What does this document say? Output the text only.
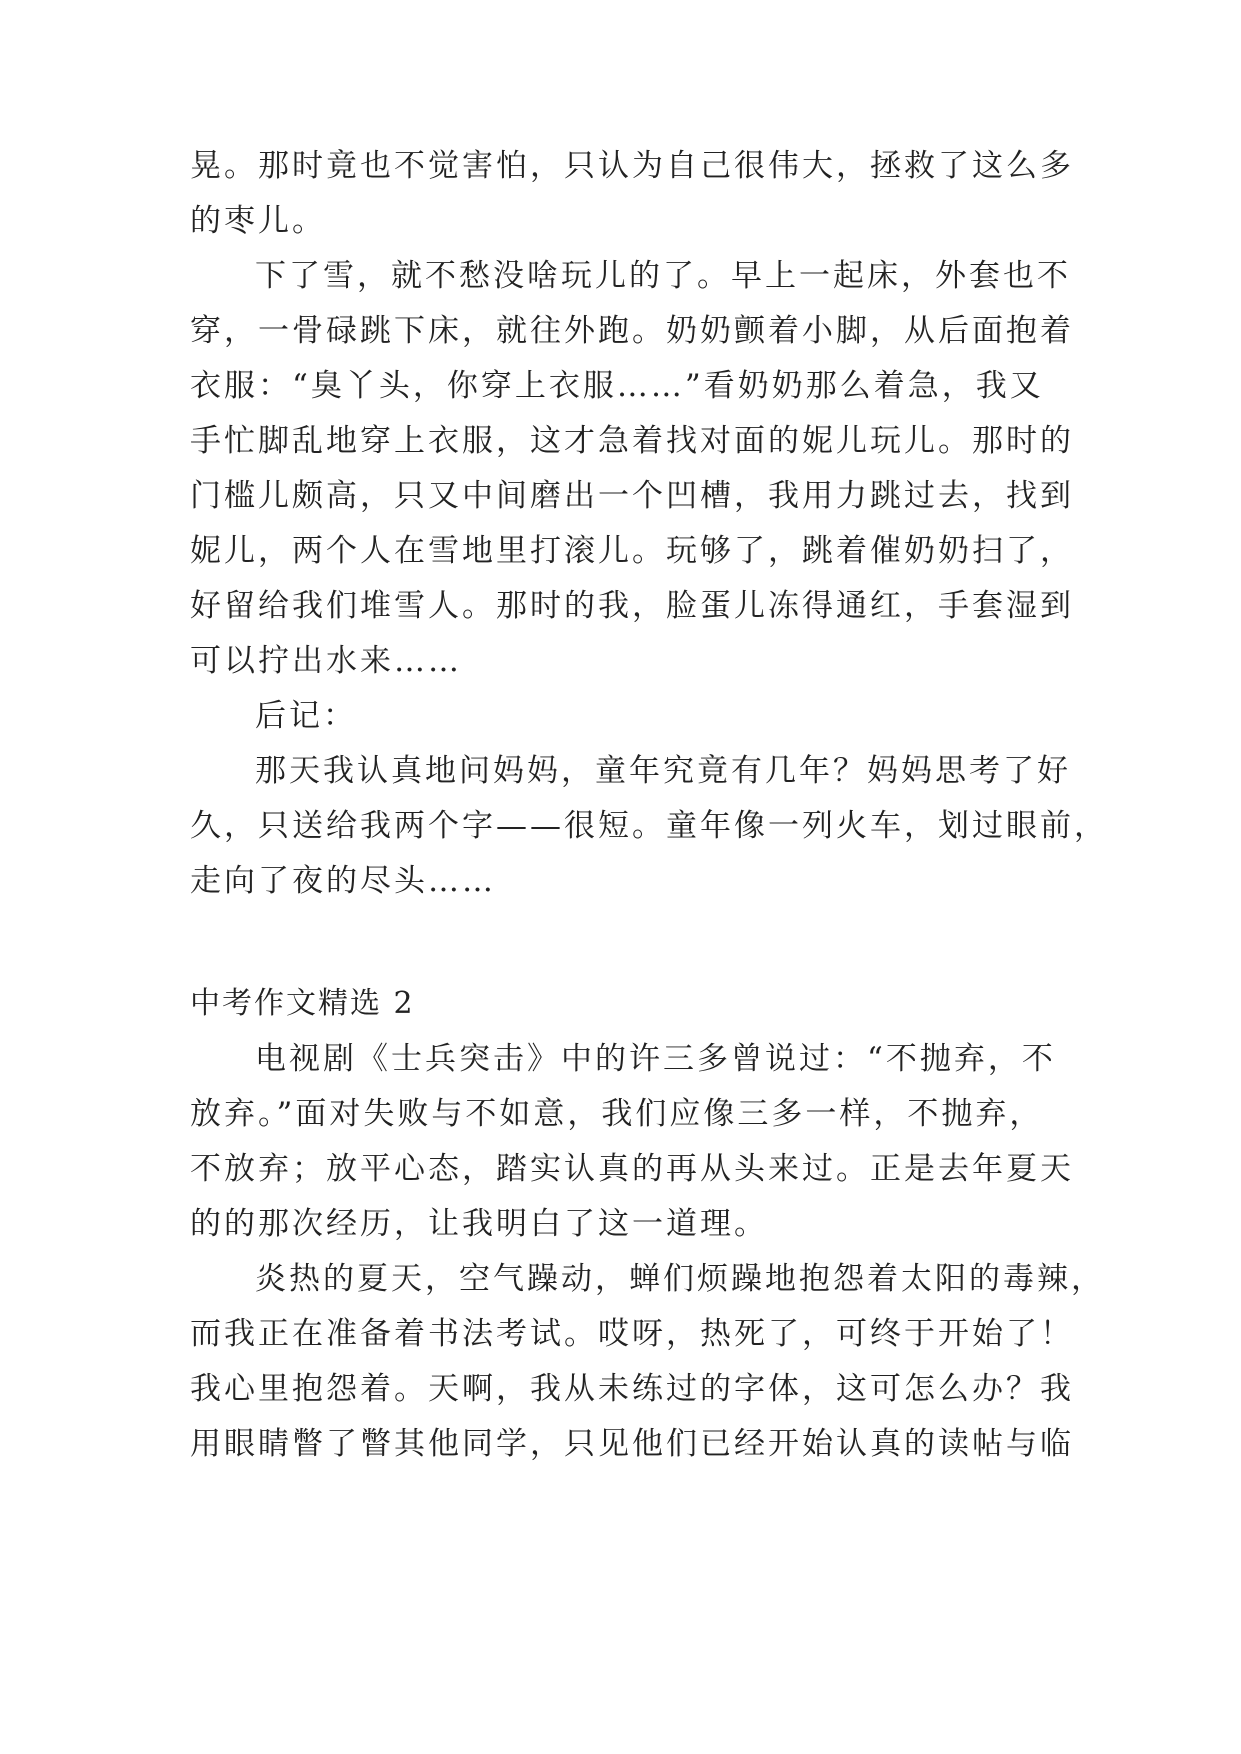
晃。那时竟也不觉害怕，只认为自己很伟大，拯救了这么多
的枣儿。
下了雪，就不愁没啥玩儿的了。早上一起床，外套也不
穿，一骨碌跳下床，就往外跑。奶奶颤着小脚，从后面抱着
衣服：“臭丫头，你穿上衣服……”看奶奶那么着急，我又
手忙脚乱地穿上衣服，这才急着找对面的妮儿玩儿。那时的
门槛儿颇高，只又中间磨出一个凹槽，我用力跳过去，找到
妮儿，两个人在雪地里打滚儿。玩够了，跳着催奶奶扫了，
好留给我们堆雪人。那时的我，脸蛋儿冻得通红，手套湿到
可以拧出水来……
后记：
那天我认真地问妈妈，童年究竟有几年？妈妈思考了好
久，只送给我两个字——很短。童年像一列火车，划过眼前，
走向了夜的尽头……
中考作文精选 2
电视剧《士兵突击》中的许三多曾说过：“不抛弃，不
放弃。”面对失败与不如意，我们应像三多一样，不抛弃，
不放弃；放平心态，踏实认真的再从头来过。正是去年夏天
的的那次经历，让我明白了这一道理。
炎热的夏天，空气躁动，蝉们烦躁地抱怨着太阳的毒辣，
而我正在准备着书法考试。哎呀，热死了，可终于开始了！
我心里抱怨着。天啊，我从未练过的字体，这可怎么办？我
用眼睛瞥了瞥其他同学，只见他们已经开始认真的读帖与临
